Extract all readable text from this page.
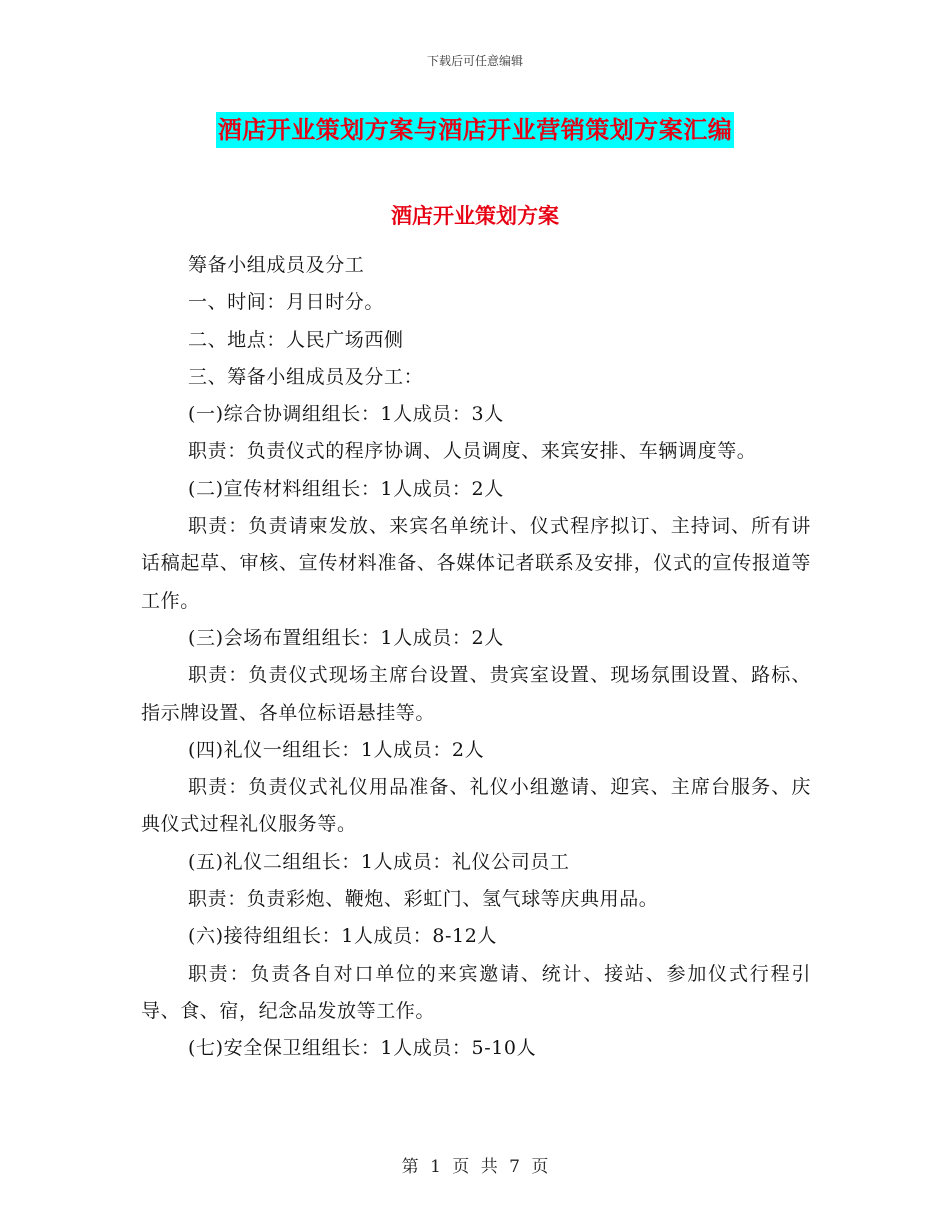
下载后可任意编辑
酒店开业策划方案与酒店开业营销策划方案汇编
酒店开业策划方案

筹备小组成员及分工

一、时间：月日时分。

二、地点：人民广场西侧

三、筹备小组成员及分工：

(一)综合协调组组长：1人成员：3人

职责：负责仪式的程序协调、人员调度、来宾安排、车辆调度等。

(二)宣传材料组组长：1人成员：2人

职责：负责请柬发放、来宾名单统计、仪式程序拟订、主持词、所有讲话稿起草、审核、宣传材料准备、各媒体记者联系及安排，仪式的宣传报道等工作。

(三)会场布置组组长：1人成员：2人

职责：负责仪式现场主席台设置、贵宾室设置、现场氛围设置、路标、指示牌设置、各单位标语悬挂等。

(四)礼仪一组组长：1人成员：2人

职责：负责仪式礼仪用品准备、礼仪小组邀请、迎宾、主席台服务、庆典仪式过程礼仪服务等。

(五)礼仪二组组长：1人成员：礼仪公司员工

职责：负责彩炮、鞭炮、彩虹门、氢气球等庆典用品。

(六)接待组组长：1人成员：8-12人

职责：负责各自对口单位的来宾邀请、统计、接站、参加仪式行程引导、食、宿，纪念品发放等工作。

(七)安全保卫组组长：1人成员：5-10人

第 1 页 共 7 页
